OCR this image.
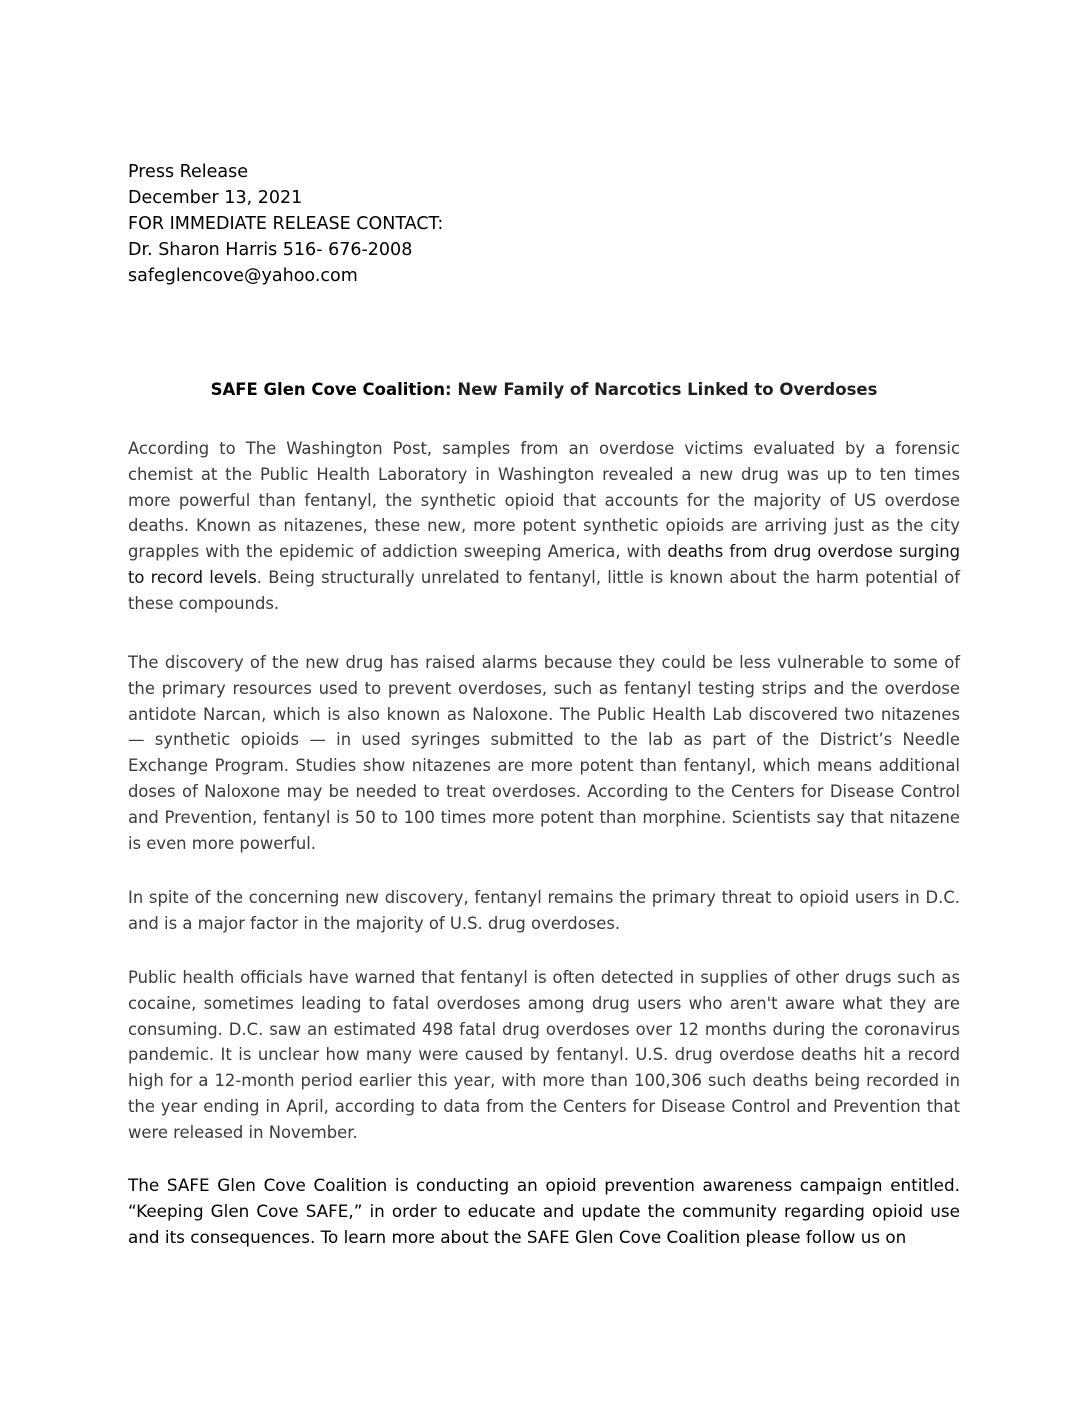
Press Release
December 13, 2021
FOR IMMEDIATE RELEASE CONTACT:
Dr. Sharon Harris 516- 676-2008
safeglencove@yahoo.com
SAFE Glen Cove Coalition: New Family of Narcotics Linked to Overdoses

According to The Washington Post, samples from an overdose victims evaluated by a forensic chemist at the Public Health Laboratory in Washington revealed a new drug was up to ten times more powerful than fentanyl, the synthetic opioid that accounts for the majority of US overdose deaths. Known as nitazenes, these new, more potent synthetic opioids are arriving just as the city grapples with the epidemic of addiction sweeping America, with deaths from drug overdose surging to record levels. Being structurally unrelated to fentanyl, little is known about the harm potential of these compounds.

The discovery of the new drug has raised alarms because they could be less vulnerable to some of the primary resources used to prevent overdoses, such as fentanyl testing strips and the overdose antidote Narcan, which is also known as Naloxone. The Public Health Lab discovered two nitazenes — synthetic opioids — in used syringes submitted to the lab as part of the District’s Needle Exchange Program. Studies show nitazenes are more potent than fentanyl, which means additional doses of Naloxone may be needed to treat overdoses. According to the Centers for Disease Control and Prevention, fentanyl is 50 to 100 times more potent than morphine. Scientists say that nitazene is even more powerful.

In spite of the concerning new discovery, fentanyl remains the primary threat to opioid users in D.C. and is a major factor in the majority of U.S. drug overdoses.

Public health officials have warned that fentanyl is often detected in supplies of other drugs such as cocaine, sometimes leading to fatal overdoses among drug users who aren't aware what they are consuming. D.C. saw an estimated 498 fatal drug overdoses over 12 months during the coronavirus pandemic. It is unclear how many were caused by fentanyl. U.S. drug overdose deaths hit a record high for a 12-month period earlier this year, with more than 100,306 such deaths being recorded in the year ending in April, according to data from the Centers for Disease Control and Prevention that were released in November.

The SAFE Glen Cove Coalition is conducting an opioid prevention awareness campaign entitled. “Keeping Glen Cove SAFE,” in order to educate and update the community regarding opioid use and its consequences. To learn more about the SAFE Glen Cove Coalition please follow us on
